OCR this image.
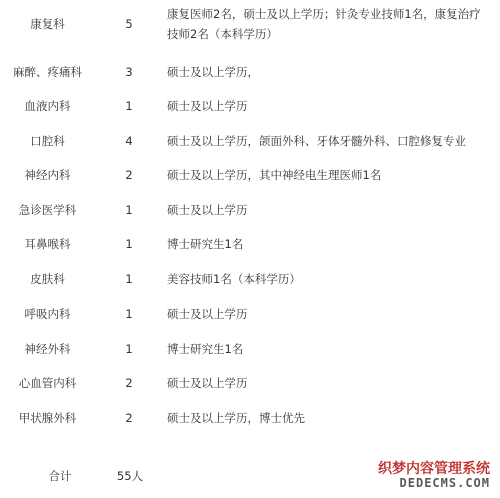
康复科	5
康复医师2名，硕士及以上学历；针灸专业技师1名，康复治疗
技师2名（本科学历）
麻醉、疼痛科	3	硕士及以上学历，
血液内科	1	硕士及以上学历
口腔科	4	硕士及以上学历，颌面外科、牙体牙髓外科、口腔修复专业
神经内科	2	硕士及以上学历，其中神经电生理医师1名
急诊医学科	1	硕士及以上学历
耳鼻喉科	1	博士研究生1名
皮肤科	1	美容技师1名（本科学历）
呼吸内科	1	硕士及以上学历
神经外科	1	博士研究生1名
心血管内科	2	硕士及以上学历
甲状腺外科	2	硕士及以上学历，博士优先
合计	55人	织梦内容管理系统
DEDECMS.COM
